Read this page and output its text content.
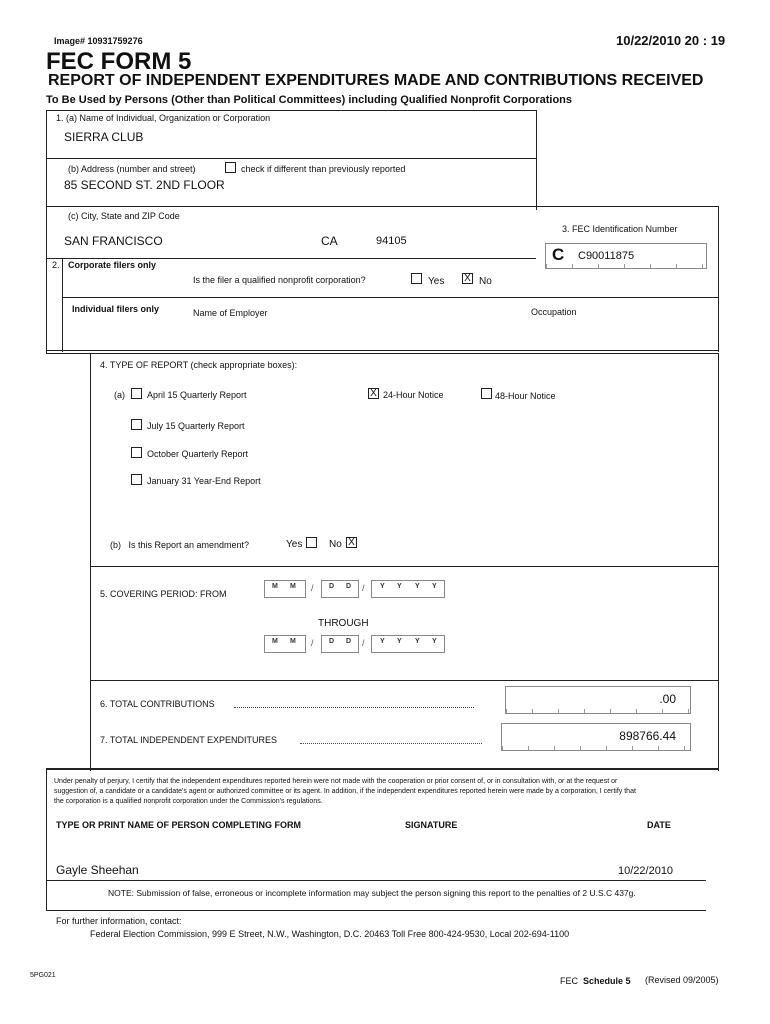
Image# 10931759276	10/22/2010 20 : 19
FEC FORM 5
REPORT OF INDEPENDENT EXPENDITURES MADE AND CONTRIBUTIONS RECEIVED
To Be Used by Persons (Other than Political Committees) including Qualified Nonprofit Corporations
1. (a) Name of Individual, Organization or Corporation
SIERRA CLUB
(b) Address (number and street)	check if different than previously reported
85 SECOND ST. 2ND FLOOR
(c) City, State and ZIP Code
SAN FRANCISCO	CA	94105
3. FEC Identification Number
C C90011875
2. Corporate filers only
Is the filer a qualified nonprofit corporation?	Yes X No
Individual filers only	Name of Employer	Occupation
4. TYPE OF REPORT (check appropriate boxes):
(a) April 15 Quarterly Report	X 24-Hour Notice	48-Hour Notice
July 15 Quarterly Report
October Quarterly Report
January 31 Year-End Report
(b)   Is this Report an amendment?	Yes	No X
5. COVERING PERIOD: FROM
M M / D D / Y Y Y Y
THROUGH
M M / D D / Y Y Y Y
6. TOTAL CONTRIBUTIONS	.00
7. TOTAL INDEPENDENT EXPENDITURES	898766.44
Under penalty of perjury, I certify that the independent expenditures reported herein were not made with the cooperation or prior consent of, or in consultation with, or at the request or suggestion of, a candidate or a candidate's agent or authorized committee or its agent. In addition, if the independent expenditures reported herein were made by a corporation, I certify that the corporation is a qualified nonprofit corporation under the Commission's regulations.
TYPE OR PRINT NAME OF PERSON COMPLETING FORM	SIGNATURE	DATE
Gayle Sheehan	10/22/2010
NOTE: Submission of false, erroneous or incomplete information may subject the person signing this report to the penalties of 2 U.S.C 437g.
For further information, contact:
Federal Election Commission, 999 E Street, N.W., Washington, D.C. 20463 Toll Free 800-424-9530, Local 202-694-1100
5PG021
FEC Schedule 5 (Revised 09/2005)
